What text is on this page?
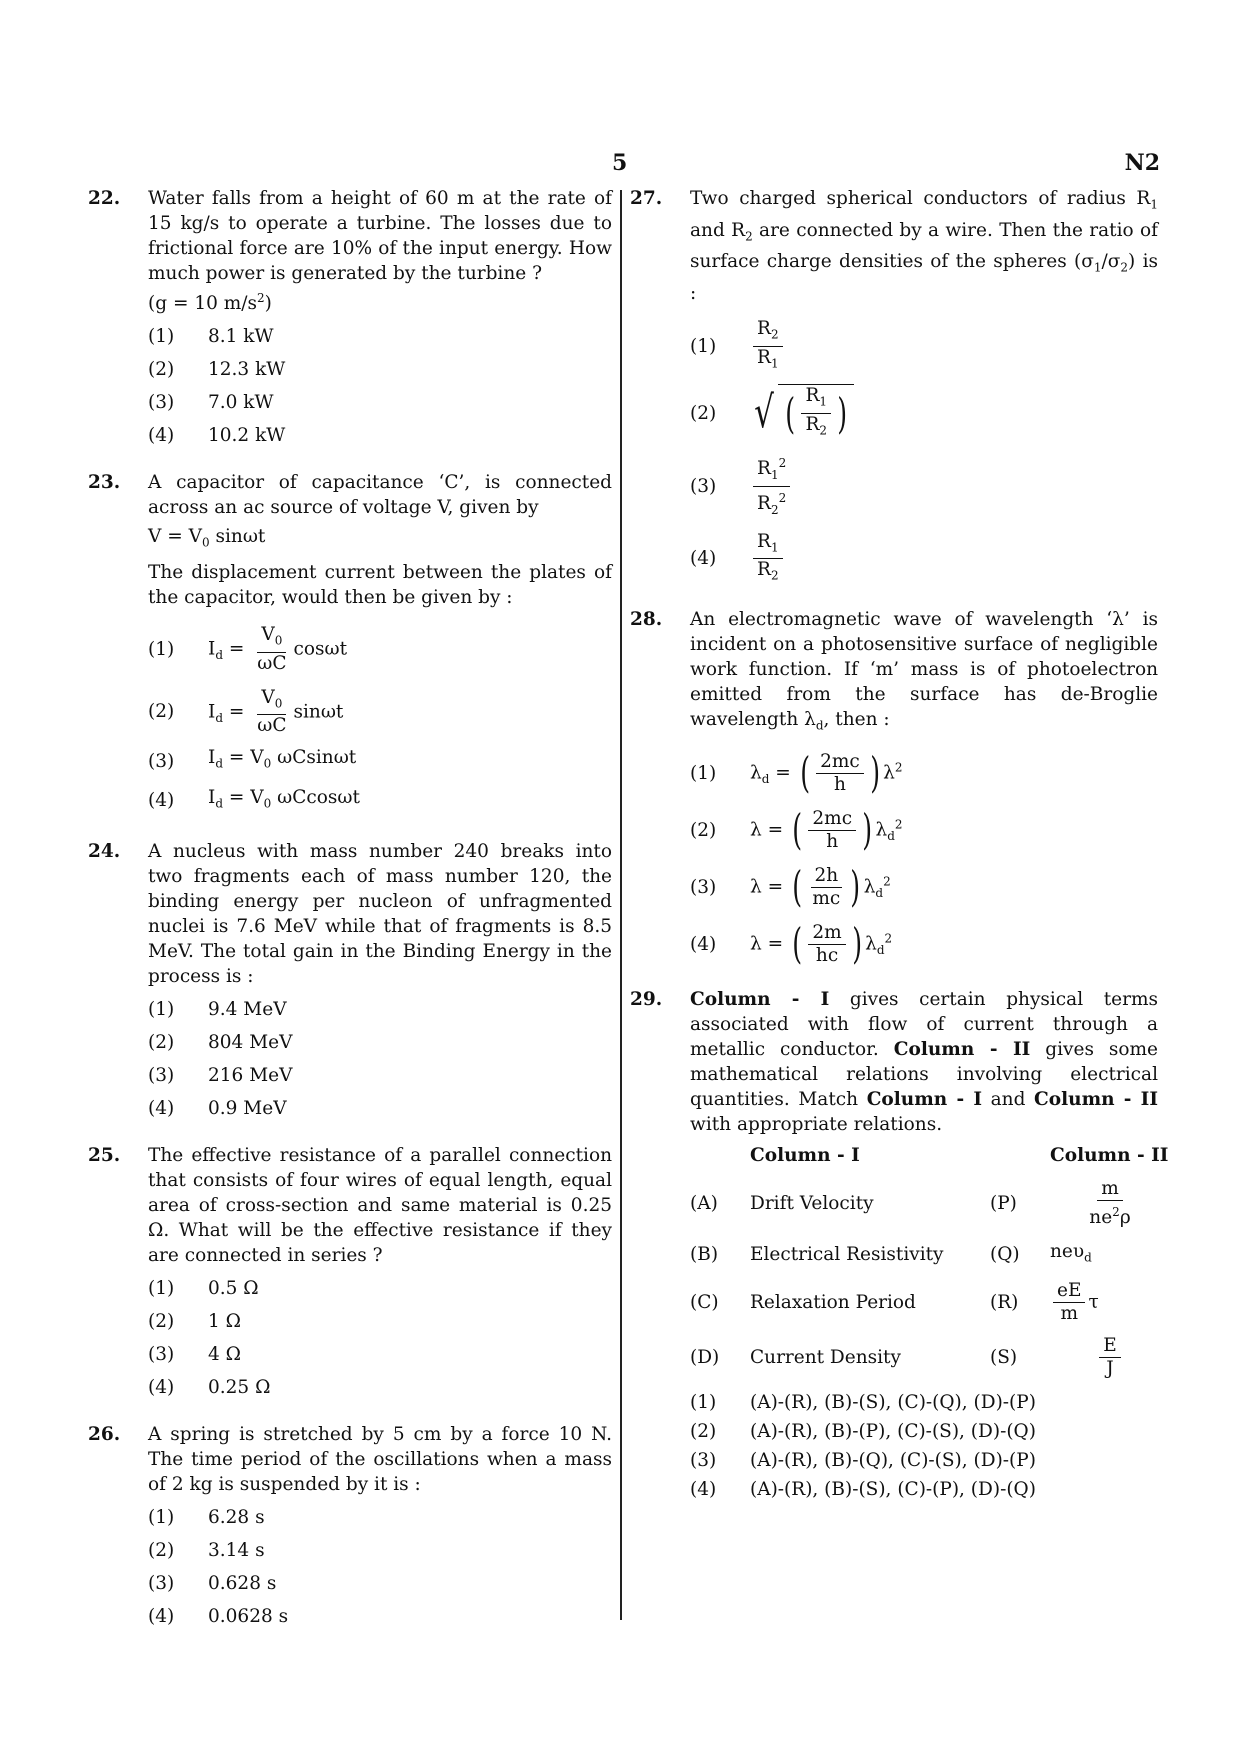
5	N2
22. Water falls from a height of 60 m at the rate of 15 kg/s to operate a turbine. The losses due to frictional force are 10% of the input energy. How much power is generated by the turbine ?
(g = 10 $m/s^2$)
(1)	8.1 kW
(2)	12.3 kW
(3)	7.0 kW
(4)	10.2 kW
23. A capacitor of capacitance ‘C’, is connected across an ac source of voltage V, given by
$V = V_0$ sinωt
The displacement current between the plates of the capacitor, would then be given by :
(1)	$I_d = \frac{V_0}{\omega C}$ cosωt
(2)	$I_d = \frac{V_0}{\omega C}$ sinωt
(3)	$I_d = V_0$ ωCsinωt
(4)	$I_d = V_0$ ωCcosωt
24. A nucleus with mass number 240 breaks into two fragments each of mass number 120, the binding energy per nucleon of unfragmented nuclei is 7.6 MeV while that of fragments is 8.5 MeV. The total gain in the Binding Energy in the process is :
(1)	9.4 MeV
(2)	804 MeV
(3)	216 MeV
(4)	0.9 MeV
25. The effective resistance of a parallel connection that consists of four wires of equal length, equal area of cross-section and same material is 0.25 Ω. What will be the effective resistance if they are connected in series ?
(1)	0.5 Ω
(2)	1 Ω
(3)	4 Ω
(4)	0.25 Ω
26. A spring is stretched by 5 cm by a force 10 N. The time period of the oscillations when a mass of 2 kg is suspended by it is :
(1)	6.28 s
(2)	3.14 s
(3)	0.628 s
(4)	0.0628 s
27. Two charged spherical conductors of radius $R_1$ and $R_2$ are connected by a wire. Then the ratio of surface charge densities of the spheres $(\sigma_1/\sigma_2)$ is :
(1)	$\frac{R_2}{R_1}$
(2) √ ( $\frac{R_1}{R_2}$ )
(3)	$\frac{R_1^2}{R_2^2}$
(4)	$\frac{R_1}{R_2}$
28. An electromagnetic wave of wavelength ‘λ’ is incident on a photosensitive surface of negligible work function. If ‘m’ mass is of photoelectron emitted from the surface has de-Broglie wavelength $\lambda_d$, then :
(1)	$\lambda_d$ = ( $\frac{2mc}{h}$ ) $\lambda^2$
(2)	λ = ( $\frac{2mc}{h}$ ) $\lambda_d^2$
(3)	λ = ( $\frac{2h}{mc}$ ) $\lambda_d^2$
(4)	λ = ( $\frac{2m}{hc}$ ) $\lambda_d^2$
29. Column - I gives certain physical terms associated with flow of current through a metallic conductor. Column - II gives some mathematical relations involving electrical quantities. Match Column - I and Column - II with appropriate relations.
Column - I	Column - II
(A)	Drift Velocity	(P)	$\frac{m}{ne^2\rho}$
(B)	Electrical Resistivity	(Q)	neυ$_d$
(C)	Relaxation Period	(R)	$\frac{eE}{m}$ τ
(D)	Current Density	(S)	$\frac{E}{J}$
(1)	(A)-(R), (B)-(S), (C)-(Q), (D)-(P)
(2)	(A)-(R), (B)-(P), (C)-(S), (D)-(Q)
(3)	(A)-(R), (B)-(Q), (C)-(S), (D)-(P)
(4)	(A)-(R), (B)-(S), (C)-(P), (D)-(Q)
